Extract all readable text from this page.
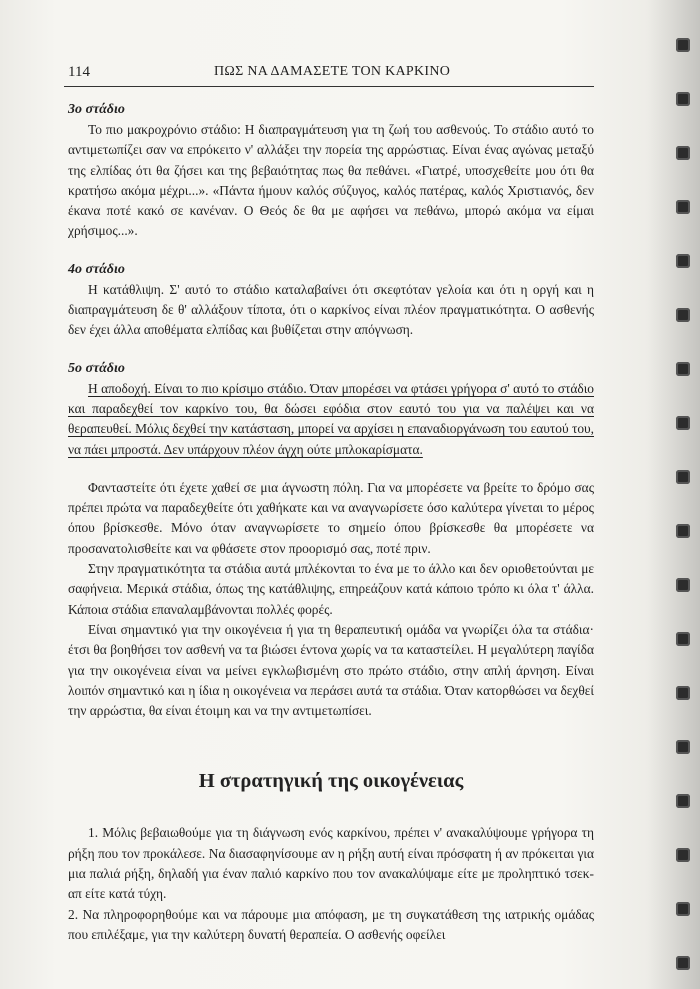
114	ΠΩΣ ΝΑ ΔΑΜΑΣΕΤΕ ΤΟΝ ΚΑΡΚΙΝΟ
3ο στάδιο

Το πιο μακροχρόνιο στάδιο: Η διαπραγμάτευση για τη ζωή του ασθενούς. Το στάδιο αυτό το αντιμετωπίζει σαν να επρόκειτο ν' αλλάξει την πορεία της αρρώστιας. Είναι ένας αγώνας μεταξύ της ελπίδας ότι θα ζήσει και της βεβαιότητας πως θα πεθάνει. «Γιατρέ, υποσχεθείτε μου ότι θα κρατήσω ακόμα μέχρι...». «Πάντα ήμουν καλός σύζυγος, καλός πατέρας, καλός Χριστιανός, δεν έκανα ποτέ κακό σε κανέναν. Ο Θεός δε θα με αφήσει να πεθάνω, μπορώ ακόμα να είμαι χρήσιμος...».

4ο στάδιο

Η κατάθλιψη. Σ' αυτό το στάδιο καταλαβαίνει ότι σκεφτόταν γελοία και ότι η οργή και η διαπραγμάτευση δε θ' αλλάξουν τίποτα, ότι ο καρκίνος είναι πλέον πραγματικότητα. Ο ασθενής δεν έχει άλλα αποθέματα ελπίδας και βυθίζεται στην απόγνωση.

5ο στάδιο

Η αποδοχή. Είναι το πιο κρίσιμο στάδιο. Όταν μπορέσει να φτάσει γρήγορα σ' αυτό το στάδιο και παραδεχθεί τον καρκίνο του, θα δώσει εφόδια στον εαυτό του για να παλέψει και να θεραπευθεί. Μόλις δεχθεί την κατάσταση, μπορεί να αρχίσει η επαναδιοργάνωση του εαυτού του, να πάει μπροστά. Δεν υπάρχουν πλέον άγχη ούτε μπλοκαρίσματα.

Φανταστείτε ότι έχετε χαθεί σε μια άγνωστη πόλη. Για να μπορέσετε να βρείτε το δρόμο σας πρέπει πρώτα να παραδεχθείτε ότι χαθήκατε και να αναγνωρίσετε όσο καλύτερα γίνεται το μέρος όπου βρίσκεσθε. Μόνο όταν αναγνωρίσετε το σημείο όπου βρίσκεσθε θα μπορέσετε να προσανατολισθείτε και να φθάσετε στον προορισμό σας, ποτέ πριν.

Στην πραγματικότητα τα στάδια αυτά μπλέκονται το ένα με το άλλο και δεν οριοθετούνται με σαφήνεια. Μερικά στάδια, όπως της κατάθλιψης, επηρεάζουν κατά κάποιο τρόπο κι όλα τ' άλλα. Κάποια στάδια επαναλαμβάνονται πολλές φορές.

Είναι σημαντικό για την οικογένεια ή για τη θεραπευτική ομάδα να γνωρίζει όλα τα στάδια· έτσι θα βοηθήσει τον ασθενή να τα βιώσει έντονα χωρίς να τα καταστείλει. Η μεγαλύτερη παγίδα για την οικογένεια είναι να μείνει εγκλωβισμένη στο πρώτο στάδιο, στην απλή άρνηση. Είναι λοιπόν σημαντικό και η ίδια η οικογένεια να περάσει αυτά τα στάδια. Όταν κατορθώσει να δεχθεί την αρρώστια, θα είναι έτοιμη και να την αντιμετωπίσει.

Η στρατηγική της οικογένειας

1. Μόλις βεβαιωθούμε για τη διάγνωση ενός καρκίνου, πρέπει ν' ανακαλύψουμε γρήγορα τη ρήξη που τον προκάλεσε. Να διασαφηνίσουμε αν η ρήξη αυτή είναι πρόσφατη ή αν πρόκειται για μια παλιά ρήξη, δηλαδή για έναν παλιό καρκίνο που τον ανακαλύψαμε είτε με προληπτικό τσεκ-απ είτε κατά τύχη.

2. Να πληροφορηθούμε και να πάρουμε μια απόφαση, με τη συγκατάθεση της ιατρικής ομάδας που επιλέξαμε, για την καλύτερη δυνατή θεραπεία. Ο ασθενής οφείλει
